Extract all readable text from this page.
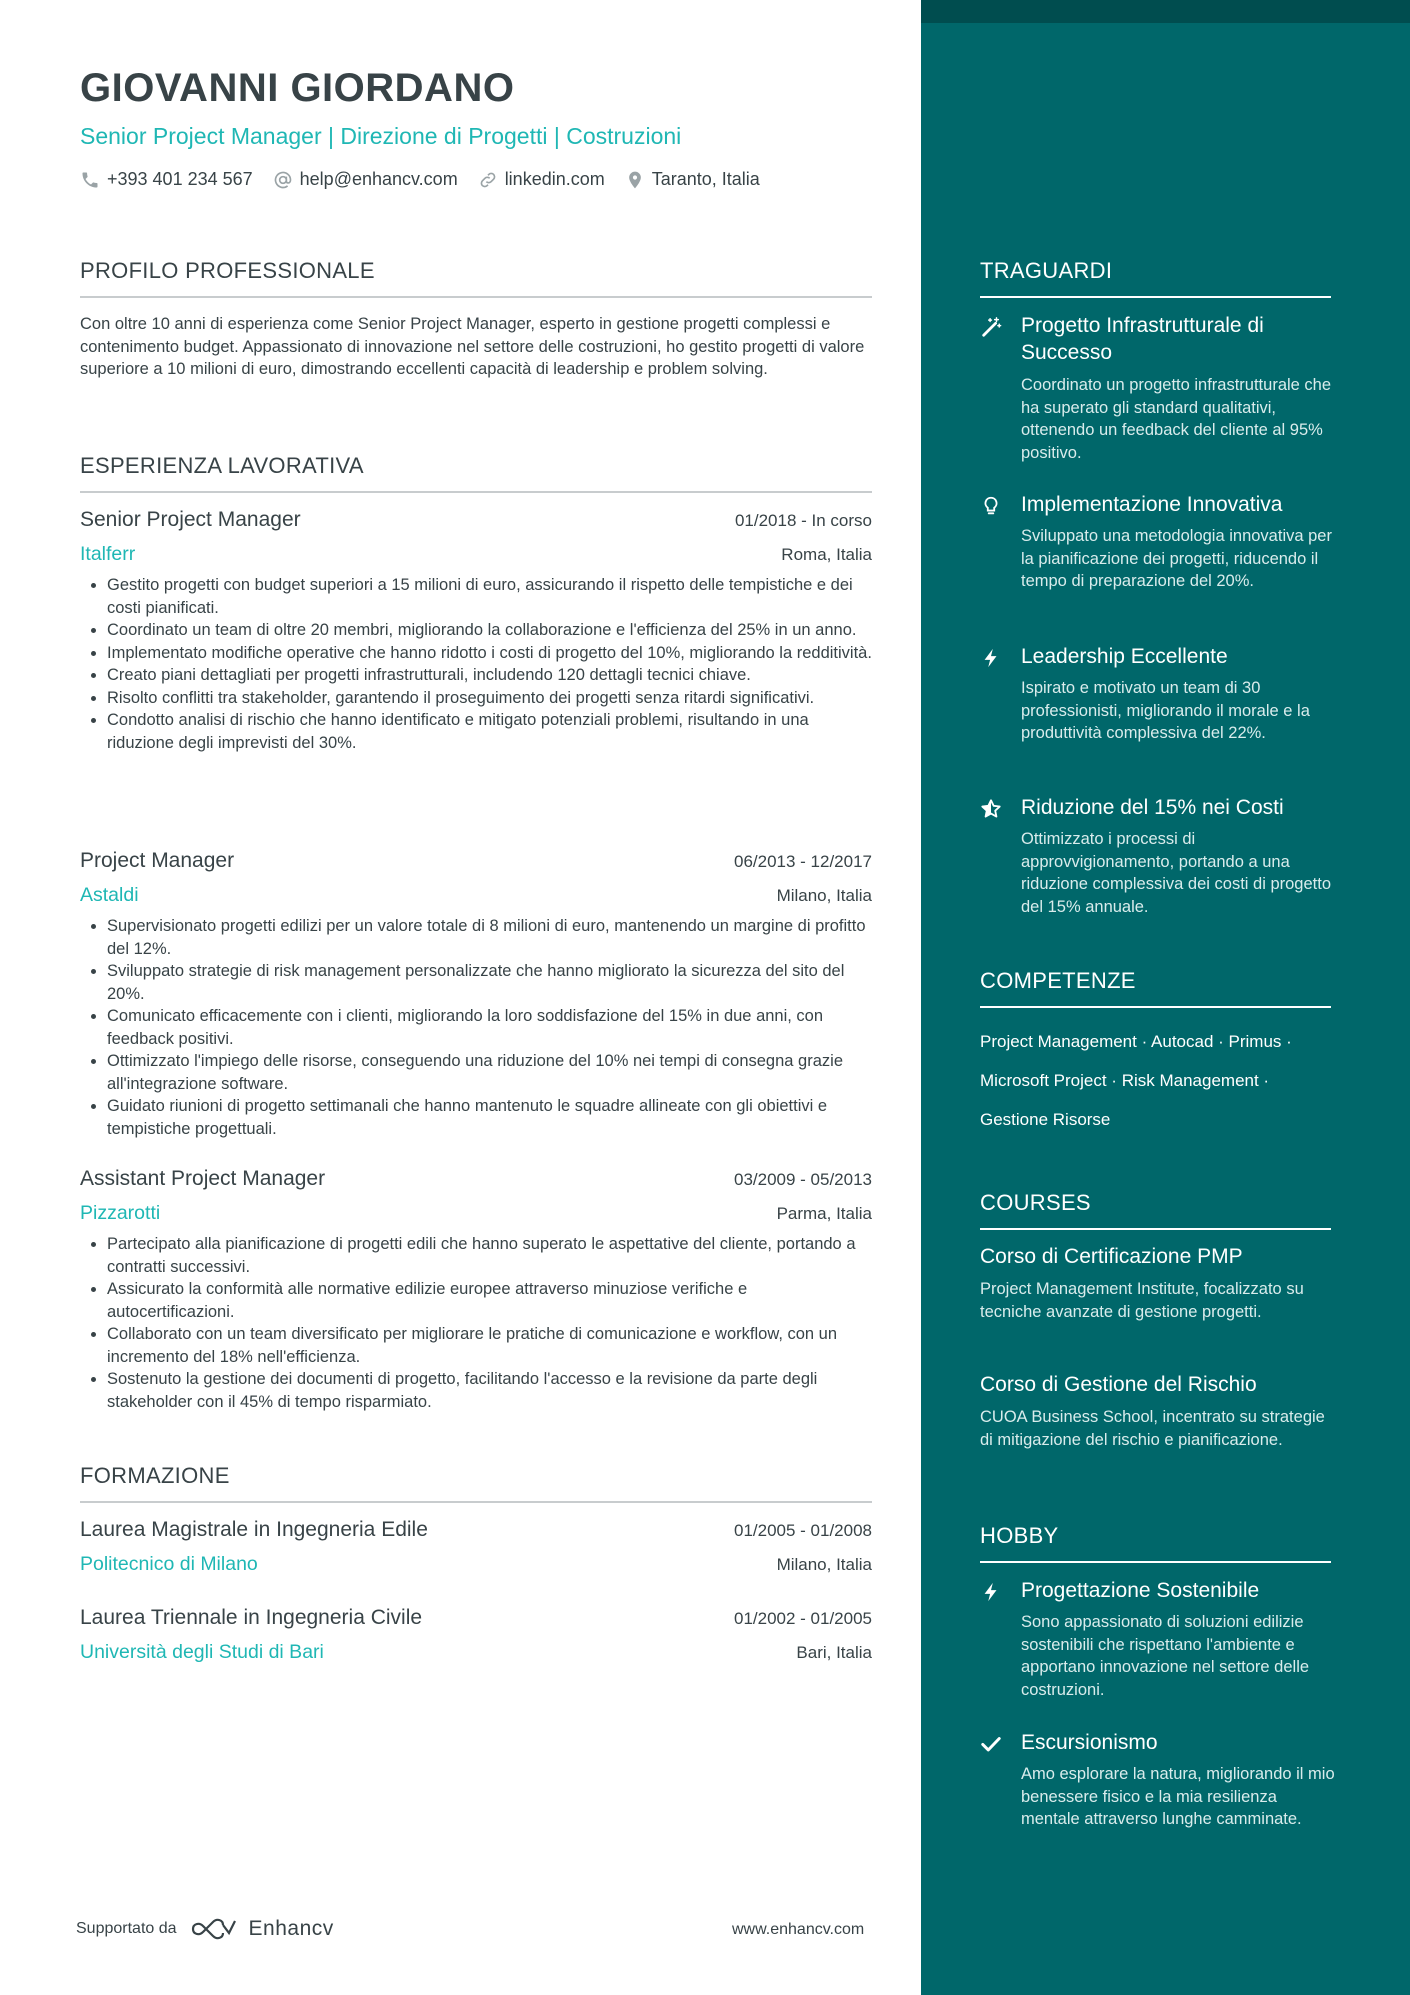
GIOVANNI GIORDANO
Senior Project Manager | Direzione di Progetti | Costruzioni
+393 401 234 567	help@enhancv.com	linkedin.com	Taranto, Italia
PROFILO PROFESSIONALE
Con oltre 10 anni di esperienza come Senior Project Manager, esperto in gestione progetti complessi e contenimento budget. Appassionato di innovazione nel settore delle costruzioni, ho gestito progetti di valore superiore a 10 milioni di euro, dimostrando eccellenti capacità di leadership e problem solving.
ESPERIENZA LAVORATIVA
Senior Project Manager	01/2018 - In corso
Italferr	Roma, Italia
• Gestito progetti con budget superiori a 15 milioni di euro, assicurando il rispetto delle tempistiche e dei costi pianificati.
• Coordinato un team di oltre 20 membri, migliorando la collaborazione e l'efficienza del 25% in un anno.
• Implementato modifiche operative che hanno ridotto i costi di progetto del 10%, migliorando la redditività.
• Creato piani dettagliati per progetti infrastrutturali, includendo 120 dettagli tecnici chiave.
• Risolto conflitti tra stakeholder, garantendo il proseguimento dei progetti senza ritardi significativi.
• Condotto analisi di rischio che hanno identificato e mitigato potenziali problemi, risultando in una riduzione degli imprevisti del 30%.
Project Manager	06/2013 - 12/2017
Astaldi	Milano, Italia
• Supervisionato progetti edilizi per un valore totale di 8 milioni di euro, mantenendo un margine di profitto del 12%.
• Sviluppato strategie di risk management personalizzate che hanno migliorato la sicurezza del sito del 20%.
• Comunicato efficacemente con i clienti, migliorando la loro soddisfazione del 15% in due anni, con feedback positivi.
• Ottimizzato l'impiego delle risorse, conseguendo una riduzione del 10% nei tempi di consegna grazie all'integrazione software.
• Guidato riunioni di progetto settimanali che hanno mantenuto le squadre allineate con gli obiettivi e tempistiche progettuali.
Assistant Project Manager	03/2009 - 05/2013
Pizzarotti	Parma, Italia
• Partecipato alla pianificazione di progetti edili che hanno superato le aspettative del cliente, portando a contratti successivi.
• Assicurato la conformità alle normative edilizie europee attraverso minuziose verifiche e autocertificazioni.
• Collaborato con un team diversificato per migliorare le pratiche di comunicazione e workflow, con un incremento del 18% nell'efficienza.
• Sostenuto la gestione dei documenti di progetto, facilitando l'accesso e la revisione da parte degli stakeholder con il 45% di tempo risparmiato.
FORMAZIONE
Laurea Magistrale in Ingegneria Edile	01/2005 - 01/2008
Politecnico di Milano	Milano, Italia
Laurea Triennale in Ingegneria Civile	01/2002 - 01/2005
Università degli Studi di Bari	Bari, Italia
TRAGUARDI
Progetto Infrastrutturale di Successo
Coordinato un progetto infrastrutturale che ha superato gli standard qualitativi, ottenendo un feedback del cliente al 95% positivo.
Implementazione Innovativa
Sviluppato una metodologia innovativa per la pianificazione dei progetti, riducendo il tempo di preparazione del 20%.
Leadership Eccellente
Ispirato e motivato un team di 30 professionisti, migliorando il morale e la produttività complessiva del 22%.
Riduzione del 15% nei Costi
Ottimizzato i processi di approvvigionamento, portando a una riduzione complessiva dei costi di progetto del 15% annuale.
COMPETENZE
Project Management · Autocad · Primus ·
Microsoft Project · Risk Management ·
Gestione Risorse
COURSES
Corso di Certificazione PMP
Project Management Institute, focalizzato su tecniche avanzate di gestione progetti.
Corso di Gestione del Rischio
CUOA Business School, incentrato su strategie di mitigazione del rischio e pianificazione.
HOBBY
Progettazione Sostenibile
Sono appassionato di soluzioni edilizie sostenibili che rispettano l'ambiente e apportano innovazione nel settore delle costruzioni.
Escursionismo
Amo esplorare la natura, migliorando il mio benessere fisico e la mia resilienza mentale attraverso lunghe camminate.
Supportato da	Enhancv	www.enhancv.com
